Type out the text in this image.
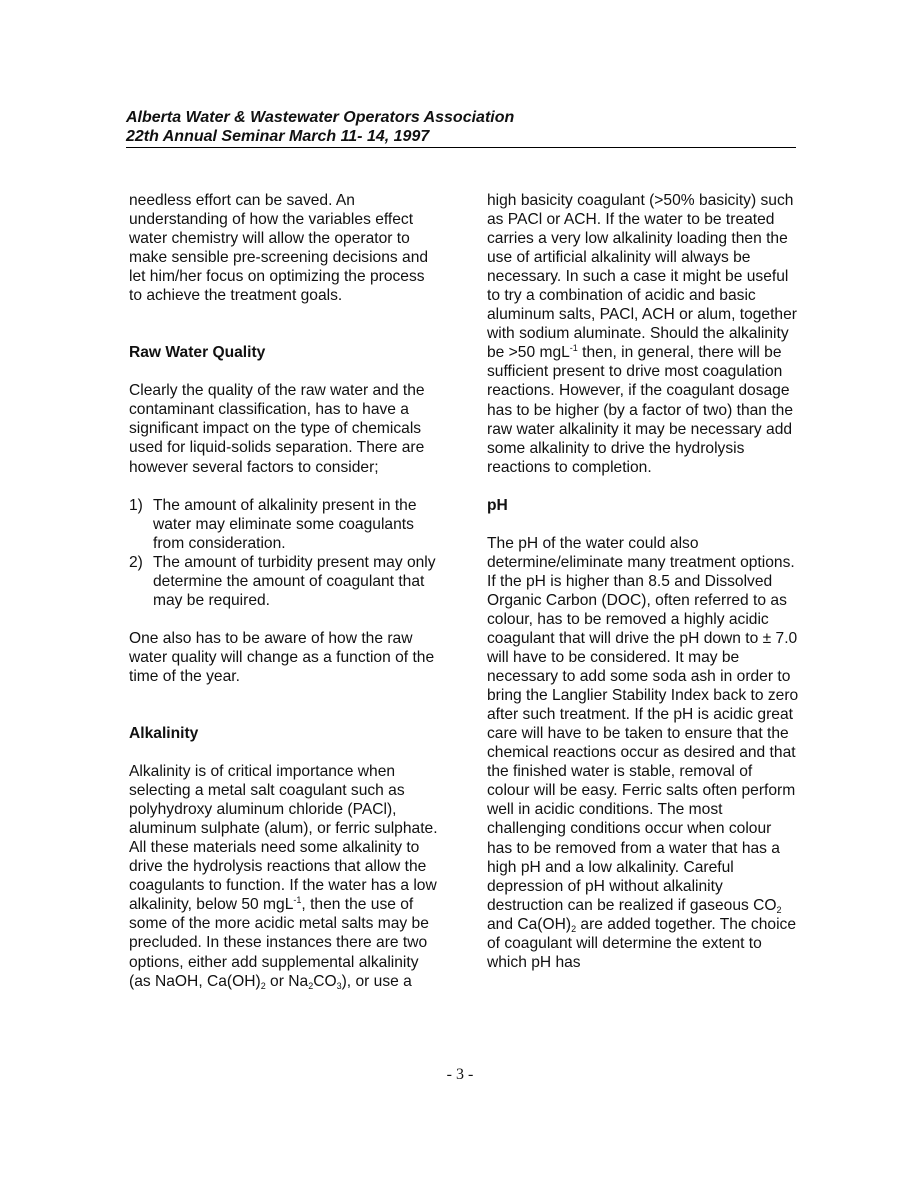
Alberta Water & Wastewater Operators Association
22th Annual Seminar March 11- 14, 1997

needless effort can be saved. An understanding of how the variables effect water chemistry will allow the operator to make sensible pre-screening decisions and let him/her focus on optimizing the process to achieve the treatment goals.

Raw Water Quality

Clearly the quality of the raw water and the contaminant classification, has to have a significant impact on the type of chemicals used for liquid-solids separation. There are however several factors to consider;

1) The amount of alkalinity present in the water may eliminate some coagulants from consideration.
2) The amount of turbidity present may only determine the amount of coagulant that may be required.

One also has to be aware of how the raw water quality will change as a function of the time of the year.

Alkalinity

Alkalinity is of critical importance when selecting a metal salt coagulant such as polyhydroxy aluminum chloride (PACl), aluminum sulphate (alum), or ferric sulphate. All these materials need some alkalinity to drive the hydrolysis reactions that allow the coagulants to function. If the water has a low alkalinity, below 50 mgL$^{-1}$, then the use of some of the more acidic metal salts may be precluded. In these instances there are two options, either add supplemental alkalinity (as NaOH, $Ca(OH)_2$ or $Na_2CO_3$), or use a

high basicity coagulant (>50% basicity) such as PACl or ACH. If the water to be treated carries a very low alkalinity loading then the use of artificial alkalinity will always be necessary. In such a case it might be useful to try a combination of acidic and basic aluminum salts, PACl, ACH or alum, together with sodium aluminate. Should the alkalinity be >50 mgL$^{-1}$ then, in general, there will be sufficient present to drive most coagulation reactions. However, if the coagulant dosage has to be higher (by a factor of two) than the raw water alkalinity it may be necessary add some alkalinity to drive the hydrolysis reactions to completion.

pH

The pH of the water could also determine/eliminate many treatment options. If the pH is higher than 8.5 and Dissolved Organic Carbon (DOC), often referred to as colour, has to be removed a highly acidic coagulant that will drive the pH down to ± 7.0 will have to be considered. It may be necessary to add some soda ash in order to bring the Langlier Stability Index back to zero after such treatment. If the pH is acidic great care will have to be taken to ensure that the chemical reactions occur as desired and that the finished water is stable, removal of colour will be easy. Ferric salts often perform well in acidic conditions. The most challenging conditions occur when colour has to be removed from a water that has a high pH and a low alkalinity. Careful depression of pH without alkalinity destruction can be realized if gaseous $CO_2$ and $Ca(OH)_2$ are added together. The choice of coagulant will determine the extent to which pH has

- 3 -
